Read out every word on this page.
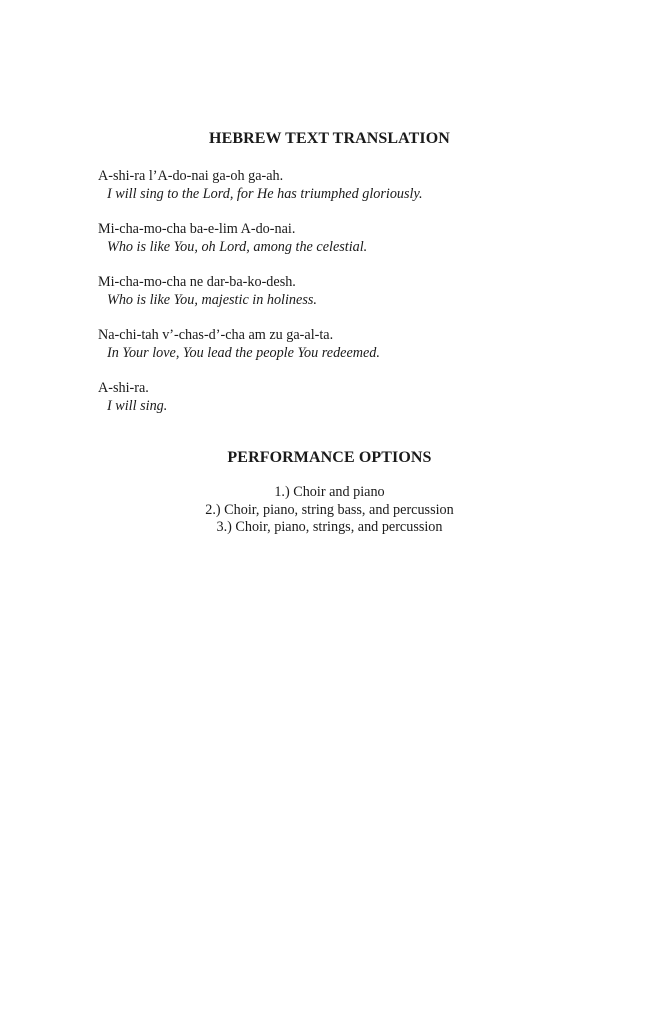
HEBREW TEXT TRANSLATION
A-shi-ra l’A-do-nai ga-oh ga-ah.
I will sing to the Lord, for He has triumphed gloriously.
Mi-cha-mo-cha ba-e-lim A-do-nai.
Who is like You, oh Lord, among the celestial.
Mi-cha-mo-cha ne dar-ba-ko-desh.
Who is like You, majestic in holiness.
Na-chi-tah v’-chas-d’-cha am zu ga-al-ta.
In Your love, You lead the people You redeemed.
A-shi-ra.
I will sing.
PERFORMANCE OPTIONS
1.) Choir and piano
2.) Choir, piano, string bass, and percussion
3.) Choir, piano, strings, and percussion
